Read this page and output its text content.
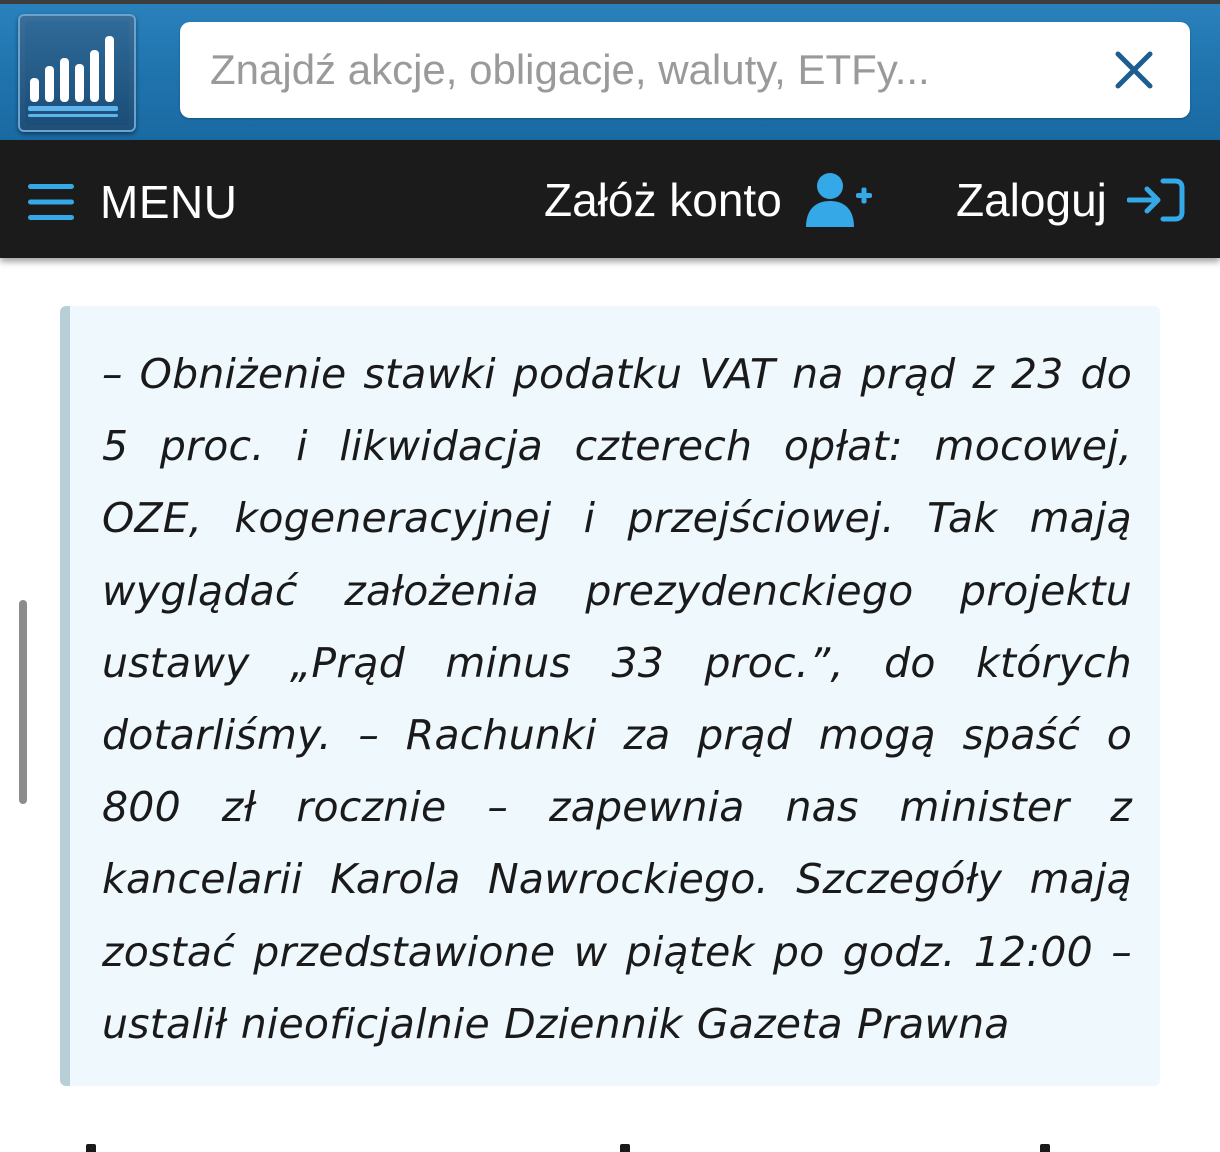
Znajdź akcje, obligacje, waluty, ETFy...
MENU	Załóż konto	Zaloguj

– Obniżenie stawki podatku VAT na prąd z 23 do 5 proc. i likwidacja czterech opłat: mocowej, OZE, kogeneracyjnej i przejściowej. Tak mają wyglądać założenia prezydenckiego projektu ustawy „Prąd minus 33 proc.”, do których dotarliśmy. – Rachunki za prąd mogą spaść o 800 zł rocznie – zapewnia nas minister z kancelarii Karola Nawrockiego. Szczegóły mają zostać przedstawione w piątek po godz. 12:00 – ustalił nieoficjalnie Dziennik Gazeta Prawna
